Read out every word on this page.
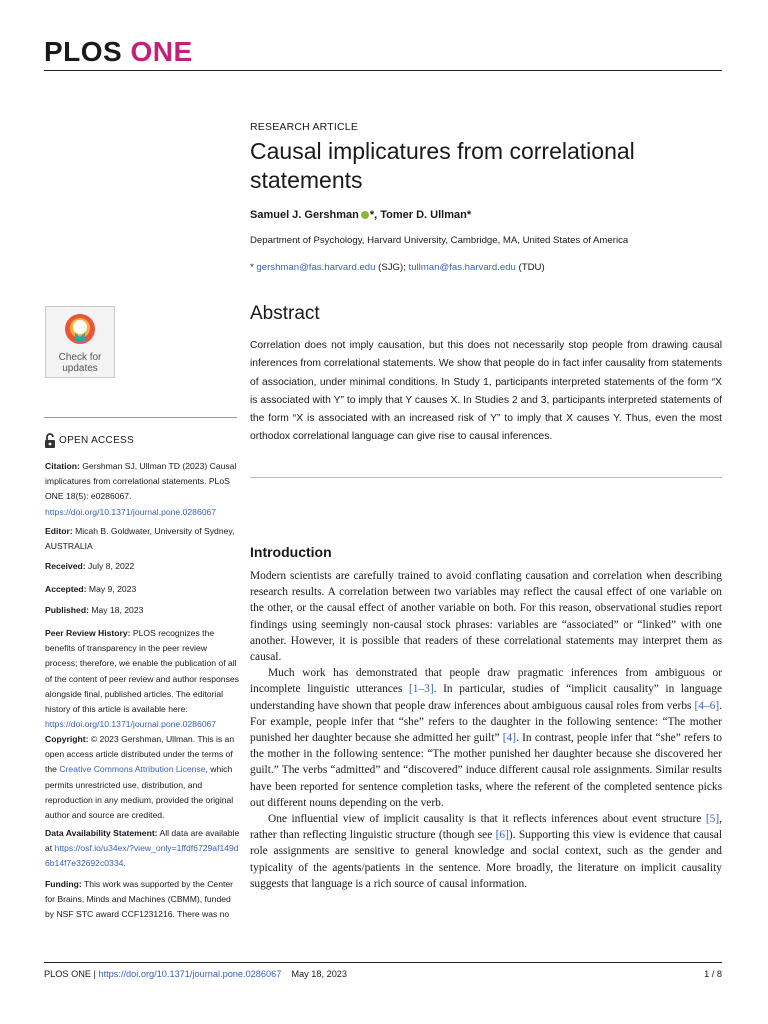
PLOS ONE
RESEARCH ARTICLE
Causal implicatures from correlational statements
Samuel J. Gershman *, Tomer D. Ullman*
Department of Psychology, Harvard University, Cambridge, MA, United States of America
* gershman@fas.harvard.edu (SJG); tullman@fas.harvard.edu (TDU)
Abstract
Correlation does not imply causation, but this does not necessarily stop people from drawing causal inferences from correlational statements. We show that people do in fact infer causality from statements of association, under minimal conditions. In Study 1, participants interpreted statements of the form “X is associated with Y” to imply that Y causes X. In Studies 2 and 3, participants interpreted statements of the form “X is associated with an increased risk of Y” to imply that X causes Y. Thus, even the most orthodox correlational language can give rise to causal inferences.
Check for updates
OPEN ACCESS
Citation: Gershman SJ, Ullman TD (2023) Causal implicatures from correlational statements. PLoS ONE 18(5): e0286067. https://doi.org/10.1371/journal.pone.0286067
Editor: Micah B. Goldwater, University of Sydney, AUSTRALIA
Received: July 8, 2022
Accepted: May 9, 2023
Published: May 18, 2023
Peer Review History: PLOS recognizes the benefits of transparency in the peer review process; therefore, we enable the publication of all of the content of peer review and author responses alongside final, published articles. The editorial history of this article is available here: https://doi.org/10.1371/journal.pone.0286067
Copyright: © 2023 Gershman, Ullman. This is an open access article distributed under the terms of the Creative Commons Attribution License, which permits unrestricted use, distribution, and reproduction in any medium, provided the original author and source are credited.
Data Availability Statement: All data are available at https://osf.io/u34ex/?view_only=1ffdf6729af149d6b14f7e32692c0334.
Funding: This work was supported by the Center for Brains, Minds and Machines (CBMM), funded by NSF STC award CCF1231216. There was no
Introduction

Modern scientists are carefully trained to avoid conflating causation and correlation when describing research results. A correlation between two variables may reflect the causal effect of one variable on the other, or the causal effect of another variable on both. For this reason, observational studies report findings using seemingly non-causal stock phrases: variables are “associated” or “linked” with one another. However, it is possible that readers of these correlational statements may interpret them as causal.

Much work has demonstrated that people draw pragmatic inferences from ambiguous or incomplete linguistic utterances [1–3]. In particular, studies of “implicit causality” in language understanding have shown that people draw inferences about ambiguous causal roles from verbs [4–6]. For example, people infer that “she” refers to the daughter in the following sentence: “The mother punished her daughter because she admitted her guilt” [4]. In contrast, people infer that “she” refers to the mother in the following sentence: “The mother punished her daughter because she discovered her guilt.” The verbs “admitted” and “discovered” induce different causal role assignments. Similar results have been reported for sentence completion tasks, where the referent of the completed sentence picks out different nouns depending on the verb.

One influential view of implicit causality is that it reflects inferences about event structure [5], rather than reflecting linguistic structure (though see [6]). Supporting this view is evidence that causal role assignments are sensitive to general knowledge and social context, such as the gender and typicality of the agents/patients in the sentence. More broadly, the literature on implicit causality suggests that language is a rich source of causal information.

PLOS ONE | https://doi.org/10.1371/journal.pone.0286067 May 18, 2023	1 / 8
